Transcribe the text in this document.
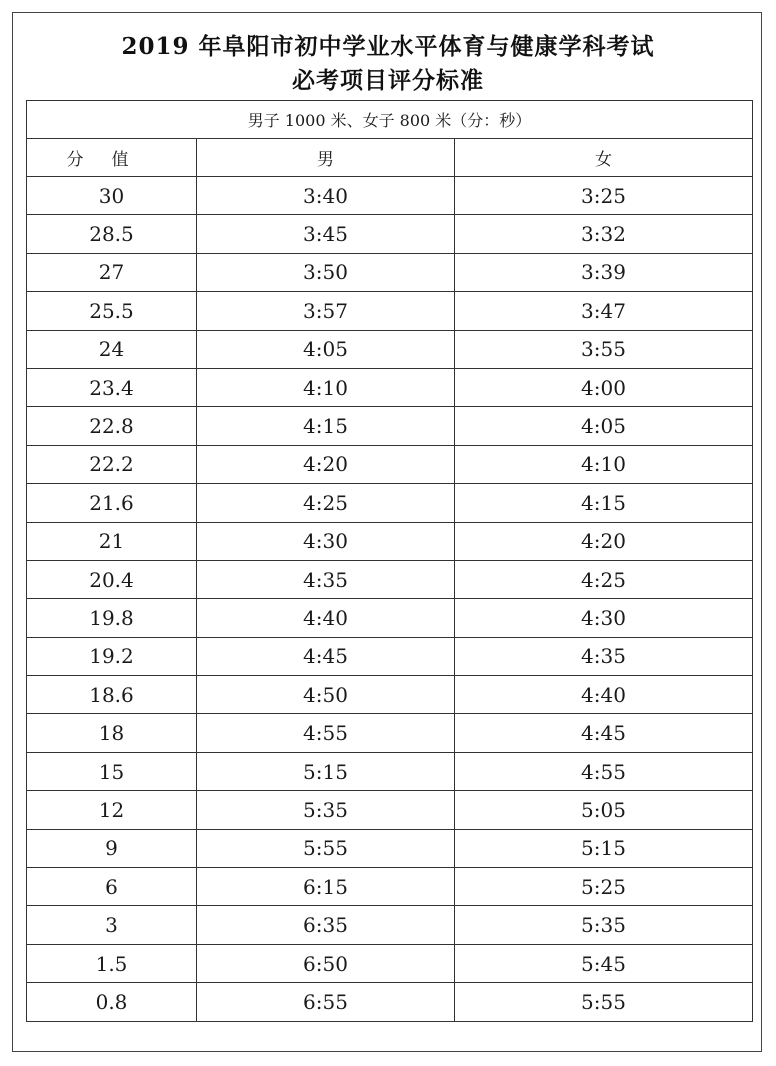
2019 年阜阳市初中学业水平体育与健康学科考试
必考项目评分标准
男子 1000 米、女子 800 米（分：秒）		
分值	男	女
30	3:40	3:25
28.5	3:45	3:32
27	3:50	3:39
25.5	3:57	3:47
24	4:05	3:55
23.4	4:10	4:00
22.8	4:15	4:05
22.2	4:20	4:10
21.6	4:25	4:15
21	4:30	4:20
20.4	4:35	4:25
19.8	4:40	4:30
19.2	4:45	4:35
18.6	4:50	4:40
18	4:55	4:45
15	5:15	4:55
12	5:35	5:05
9	5:55	5:15
6	6:15	5:25
3	6:35	5:35
1.5	6:50	5:45
0.8	6:55	5:55
